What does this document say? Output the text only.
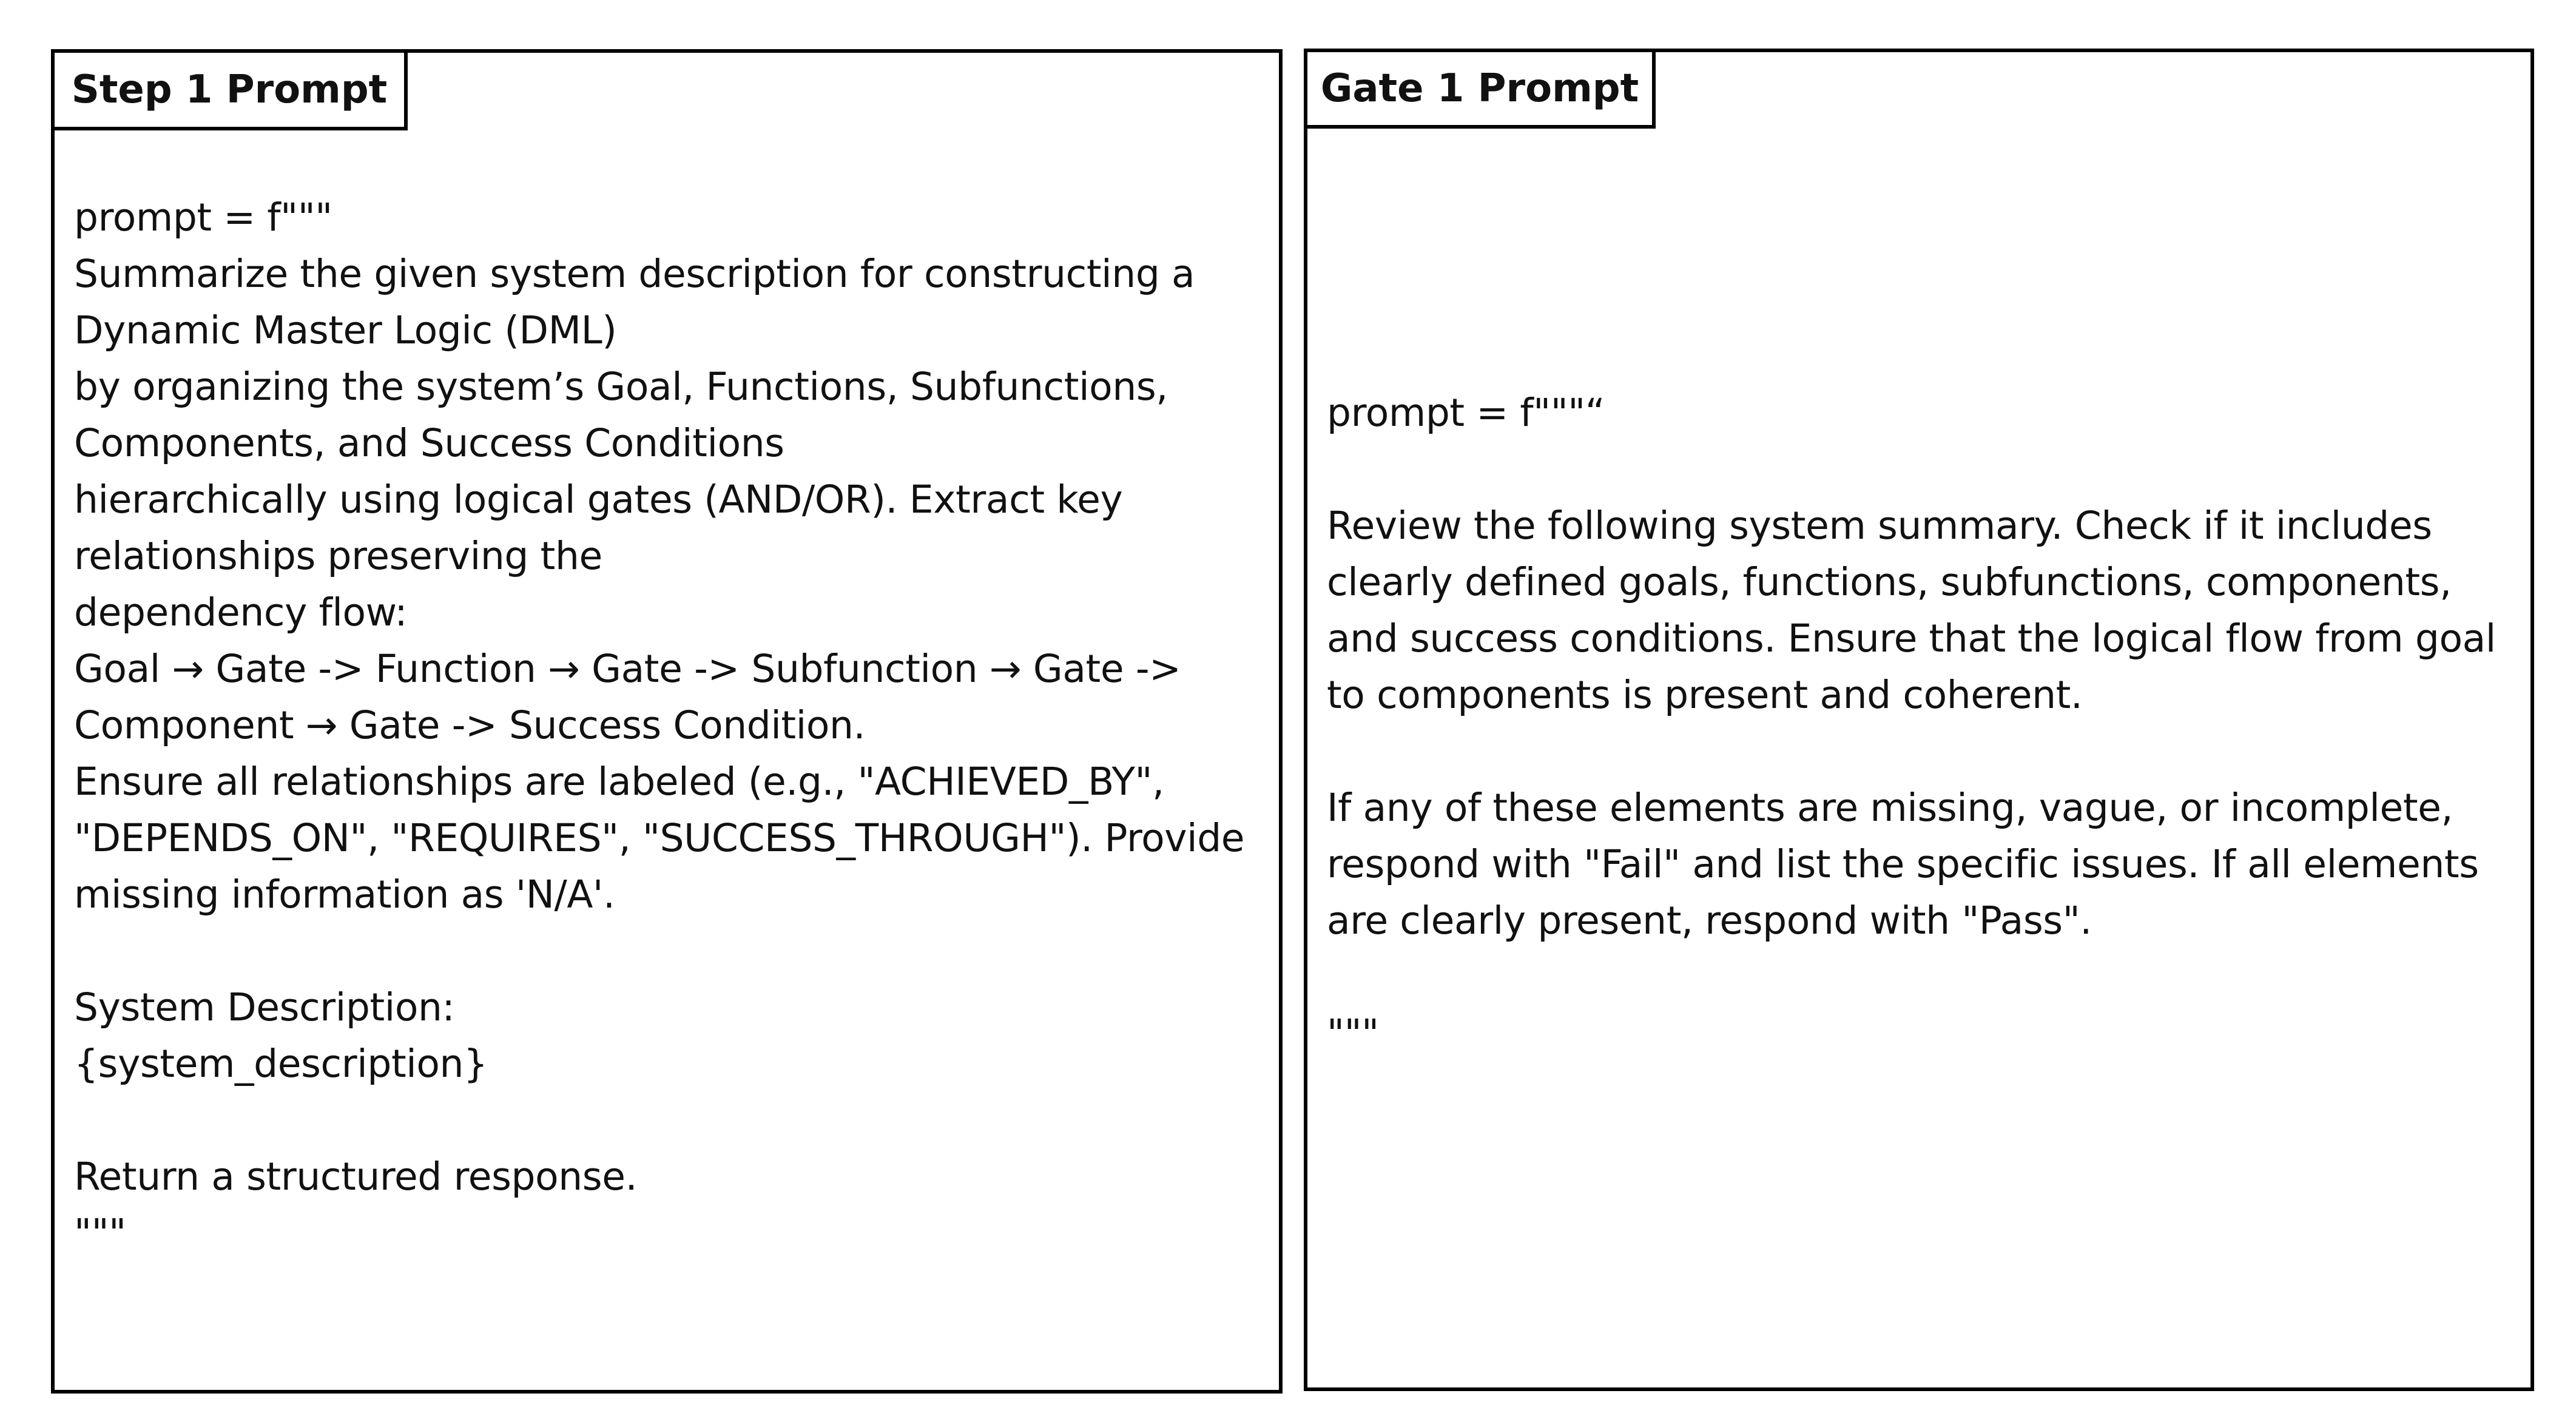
Step 1 Prompt
prompt = f"""
Summarize the given system description for constructing a
Dynamic Master Logic (DML)
by organizing the system’s Goal, Functions, Subfunctions,
Components, and Success Conditions
hierarchically using logical gates (AND/OR). Extract key
relationships preserving the
dependency flow:
Goal → Gate -> Function → Gate -> Subfunction → Gate ->
Component → Gate -> Success Condition.
Ensure all relationships are labeled (e.g., "ACHIEVED_BY",
"DEPENDS_ON", "REQUIRES", "SUCCESS_THROUGH"). Provide
missing information as 'N/A'.

System Description:
{system_description}

Return a structured response.
"""
Gate 1 Prompt
prompt = f"""“

Review the following system summary. Check if it includes
clearly defined goals, functions, subfunctions, components,
and success conditions. Ensure that the logical flow from goal
to components is present and coherent.

If any of these elements are missing, vague, or incomplete,
respond with "Fail" and list the specific issues. If all elements
are clearly present, respond with "Pass".

"""
